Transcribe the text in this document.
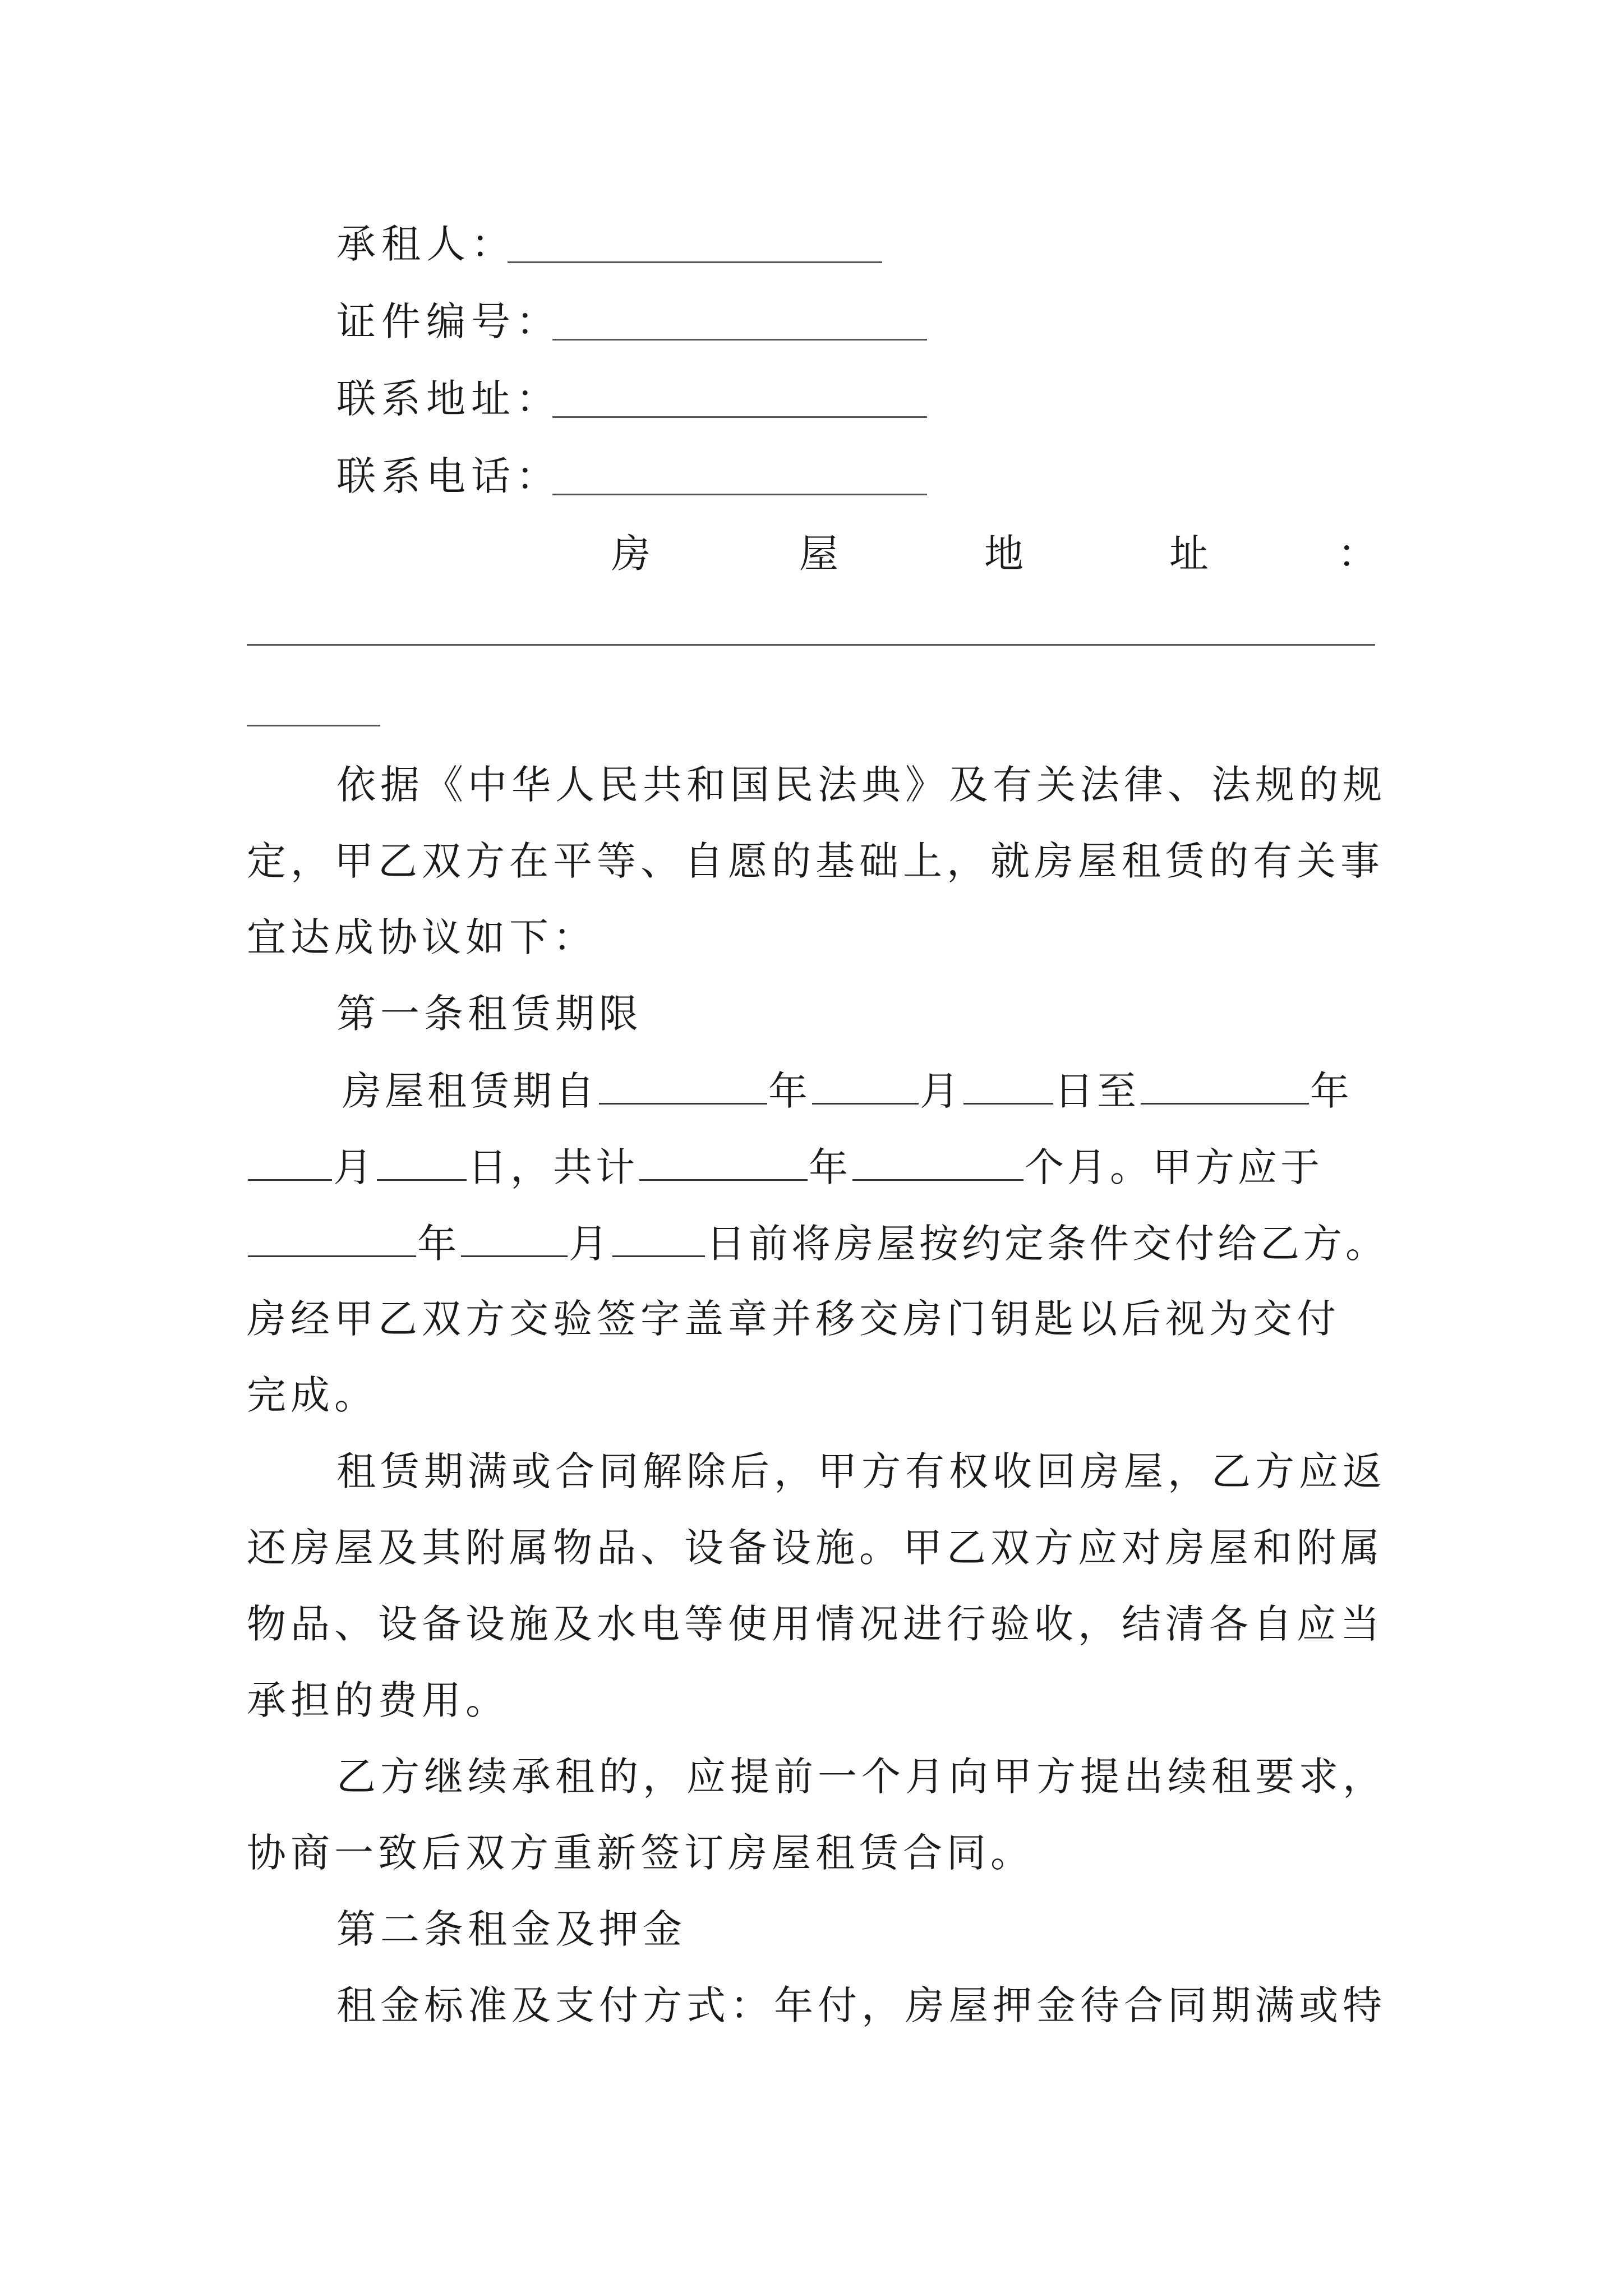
承租人：
证件编号：
联系地址：
联系电话：
房	屋	地	址	：
依据《中华人民共和国民法典》及有关法律、法规的规
定，甲乙双方在平等、自愿的基础上，就房屋租赁的有关事
宜达成协议如下：
第一条租赁期限
房屋租赁期自	年	月 日至	年
月 日，共计	年	个月。甲方应于
年	月 日前将房屋按约定条件交付给乙方。
房经甲乙双方交验签字盖章并移交房门钥匙以后视为交付
完成。
租赁期满或合同解除后，甲方有权收回房屋，乙方应返
还房屋及其附属物品、设备设施。甲乙双方应对房屋和附属
物品、设备设施及水电等使用情况进行验收，结清各自应当
承担的费用。
乙方继续承租的，应提前一个月向甲方提出续租要求，
协商一致后双方重新签订房屋租赁合同。
第二条租金及押金
租金标准及支付方式：年付，房屋押金待合同期满或特
